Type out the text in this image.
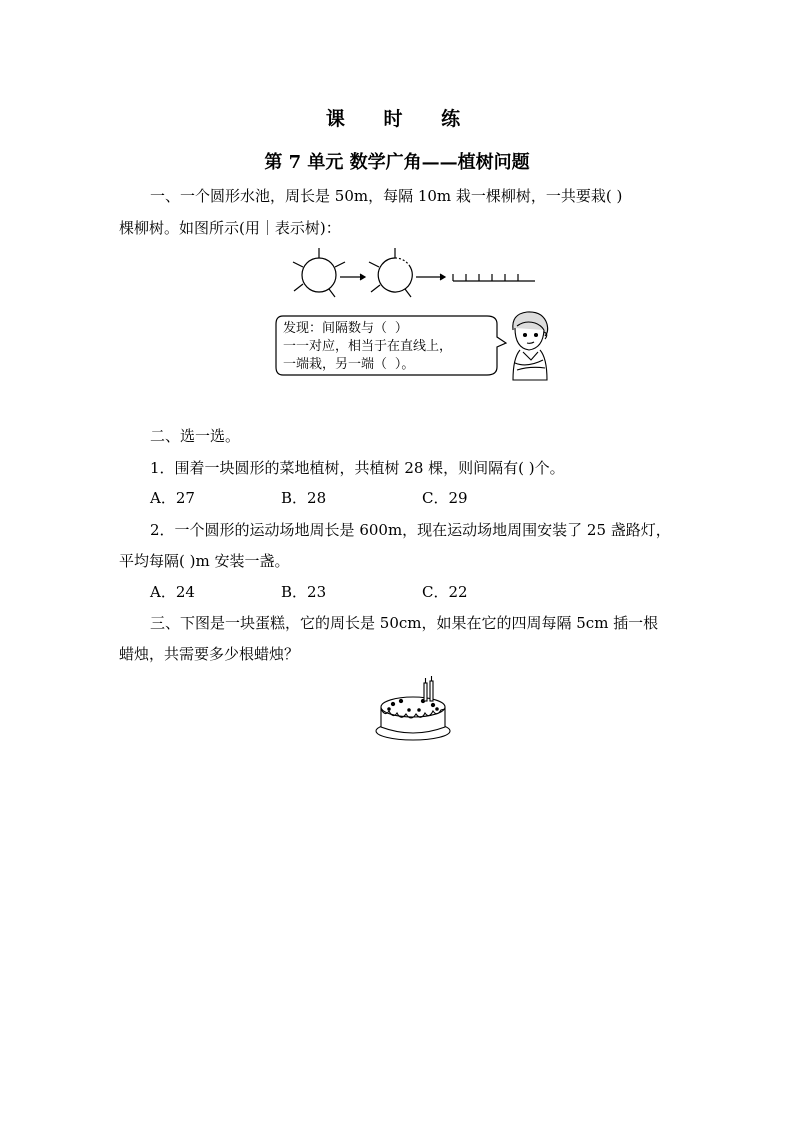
课 时 练
第 7 单元 数学广角——植树问题
一、一个圆形水池，周长是 50m，每隔 10m 栽一棵柳树，一共要栽( )
棵柳树。如图所示(用｜表示树)：
发现：间隔数与（ ）
一一对应，相当于在直线上，
一端栽，另一端（ ）。
二、选一选。
1．围着一块圆形的菜地植树，共植树 28 棵，则间隔有( )个。
A．27	B．28	C．29
2．一个圆形的运动场地周长是 600m，现在运动场地周围安装了 25 盏路灯，
平均每隔( )m 安装一盏。
A．24	B．23	C．22
三、下图是一块蛋糕，它的周长是 50cm，如果在它的四周每隔 5cm 插一根
蜡烛，共需要多少根蜡烛？
